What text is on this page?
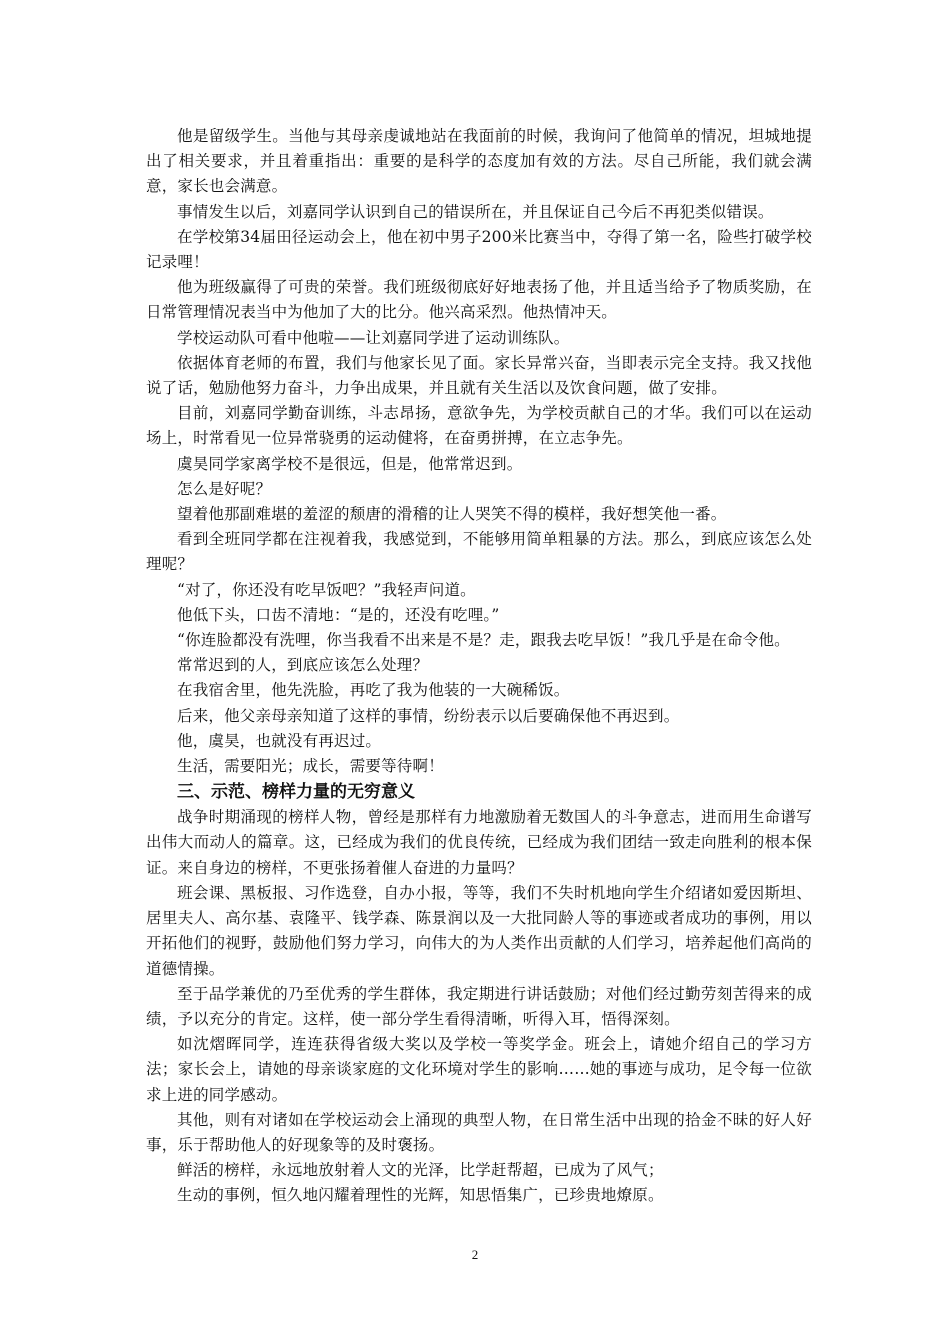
他是留级学生。当他与其母亲虔诚地站在我面前的时候，我询问了他简单的情况，坦城地提出了相关要求，并且着重指出：重要的是科学的态度加有效的方法。尽自己所能，我们就会满意，家长也会满意。

事情发生以后，刘嘉同学认识到自己的错误所在，并且保证自己今后不再犯类似错误。

在学校第34届田径运动会上，他在初中男子200米比赛当中，夺得了第一名，险些打破学校记录哩！

他为班级赢得了可贵的荣誉。我们班级彻底好好地表扬了他，并且适当给予了物质奖励，在日常管理情况表当中为他加了大的比分。他兴高采烈。他热情冲天。

学校运动队可看中他啦——让刘嘉同学进了运动训练队。

依据体育老师的布置，我们与他家长见了面。家长异常兴奋，当即表示完全支持。我又找他说了话，勉励他努力奋斗，力争出成果，并且就有关生活以及饮食问题，做了安排。

目前，刘嘉同学勤奋训练，斗志昂扬，意欲争先，为学校贡献自己的才华。我们可以在运动场上，时常看见一位异常骁勇的运动健将，在奋勇拼搏，在立志争先。

虞昊同学家离学校不是很远，但是，他常常迟到。

怎么是好呢？

望着他那副难堪的羞涩的颓唐的滑稽的让人哭笑不得的模样，我好想笑他一番。

看到全班同学都在注视着我，我感觉到，不能够用简单粗暴的方法。那么，到底应该怎么处理呢？

“对了，你还没有吃早饭吧？”我轻声问道。

他低下头，口齿不清地：“是的，还没有吃哩。”

“你连脸都没有洗哩，你当我看不出来是不是？走，跟我去吃早饭！”我几乎是在命令他。

常常迟到的人，到底应该怎么处理？

在我宿舍里，他先洗脸，再吃了我为他装的一大碗稀饭。

后来，他父亲母亲知道了这样的事情，纷纷表示以后要确保他不再迟到。

他，虞昊，也就没有再迟过。

生活，需要阳光；成长，需要等待啊！

三、示范、榜样力量的无穷意义

战争时期涌现的榜样人物，曾经是那样有力地激励着无数国人的斗争意志，进而用生命谱写出伟大而动人的篇章。这，已经成为我们的优良传统，已经成为我们团结一致走向胜利的根本保证。来自身边的榜样，不更张扬着催人奋进的力量吗？

班会课、黑板报、习作选登，自办小报，等等，我们不失时机地向学生介绍诸如爱因斯坦、居里夫人、高尔基、袁隆平、钱学森、陈景润以及一大批同龄人等的事迹或者成功的事例，用以开拓他们的视野，鼓励他们努力学习，向伟大的为人类作出贡献的人们学习，培养起他们高尚的道德情操。

至于品学兼优的乃至优秀的学生群体，我定期进行讲话鼓励；对他们经过勤劳刻苦得来的成绩，予以充分的肯定。这样，使一部分学生看得清晰，听得入耳，悟得深刻。

如沈熠晖同学，连连获得省级大奖以及学校一等奖学金。班会上，请她介绍自己的学习方法；家长会上，请她的母亲谈家庭的文化环境对学生的影响……她的事迹与成功，足令每一位欲求上进的同学感动。

其他，则有对诸如在学校运动会上涌现的典型人物，在日常生活中出现的拾金不昧的好人好事，乐于帮助他人的好现象等的及时褒扬。

鲜活的榜样，永远地放射着人文的光泽，比学赶帮超，已成为了风气；

生动的事例，恒久地闪耀着理性的光辉，知思悟集广，已珍贵地燎原。

2
